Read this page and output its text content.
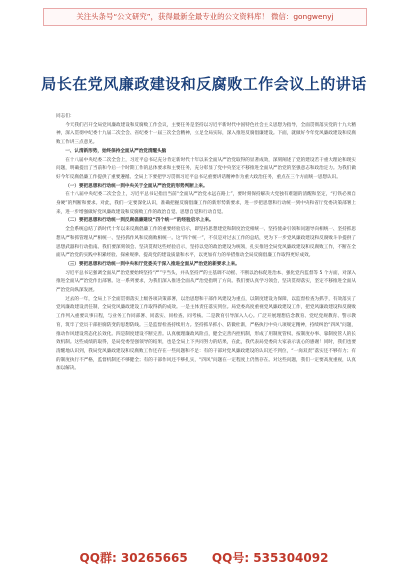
关注头条号“公文研究”，获得最新全最专业的公文资料库！ 微信：gongwenyj
局长在党风廉政建设和反腐败工作会议上的讲话

同志们：

今天我们召开全局党风廉政建设和反腐败工作会议，主要任务是坚持以习近平新时代中国特色社会主义思想为指导，全面贯彻落实党的十九大精神，深入贯彻中纪委十九届二次全会、省纪委十一届三次全会精神，立足全局实际，深入推进反腐倡廉建设。下面，就做好今年党风廉政建设和反腐败工作讲三点意见。

一、认清新形势，始终保持全面从严治党清醒头脑

在十八届中央纪委二次全会上，习近平总书记充分肯定新时代十年以来全面从严治党取得的显著成效，深刻阐述了党的建设若干重大理论和现实问题，明确提出了当前和今后一个时期工作的总体要求和主要任务，充分彰显了党中央坚定不移推进全面从严治党的坚强意志和政治定力。为我们做好今年反腐倡廉工作提供了重要遵循。全局上下要把学习贯彻习近平总书记重要讲话精神作为重大政治任务，重点在三个方面统一思想认识。

（一）要把思想和行动统一到中央关于全面从严治党的形势判断上来。

在十八届中央纪委二次全会上，习近平总书记指出当前“全面从严治党永远在路上”，要时刻保持解决大党独有难题的清醒和坚定，“打铁必须自身硬”的判断和要求。对此，我们一定要深化认识，准确把握反腐倡廉工作的新形势新要求，进一步把思想和行动统一到中央和省厅党委决策部署上来，进一步增强做好党风廉政建设和反腐败工作的政治自觉、思想自觉和行动自觉。

（二）要把思想和行动统一到反腐倡廉建设“四个统一”的经验启示上来。

全会系统总结了新时代十年以来反腐倡廉工作的重要经验启示，即坚持思想建党和制度治党相统一、坚持使命引领和问题导向相统一、坚持抓思想从严和抓管理从严相统一、坚持抓作风和反腐败相统一。这“四个统一”，不仅是对过去工作的总结，更为下一步党风廉政建设和反腐败斗争提供了思想武器和行动指南。我们要深刻领会、坚决贯彻这些经验启示，坚持以党的政治建设为统领，扎实推进全局党风廉政建设和反腐败工作，不断在全面从严治党的实践中积累经验、探索规律、提高党的建设质量和水平，以更加有力的举措推动全局反腐倡廉工作取得更好成效。

（三）要把思想和行动统一到中央和厅党委关于深入推进全面从严治党的新要求上来。

习近平总书记强调全面从严治党要始终坚持“严”字当头，并从坚持严的主基调不动摇、不断以治标促进治本、强化党内监督等 5 个方面，对深入推进全面从严治党作出部署。这一系列要求，为我们深入推进全面从严治党指明了方向。我们要认真学习领会，坚决贯彻落实，坚定不移推进全面从严治党向纵深发展。

过去的一年，全局上下全面贯彻落实上级各项决策部署，以治思想和干部作风建设为重点，以制度建设为保障，以监督检查为抓手，有效落实了党风廉政建设责任制，全局党风廉政建设工作取得新的成效。一是主体责任落实到位。局党委高度重视党风廉政建设工作，把党风廉政建设和反腐败工作列入重要议事日程，与业务工作同部署、同落实、同检查、同考核。二是教育引导深入人心。广泛开展理想信念教育、党纪党规教育、警示教育，筑牢了党员干部拒腐防变的思想防线。三是监督检查持续用力。坚持抓早抓小、防微杜渐，严格执行中央八项规定精神，持续纠治“四风”问题，推动作风建设常态化长效化。四是制度建设不断完善。认真梳理廉政风险点，健全完善内控机制，形成了用制度管权、按制度办事、靠制度管人的长效机制。这些成绩的取得，是局党委坚强领导的结果，也是全局上下共同努力的结果，在此，我代表局党委向大家表示衷心的感谢！同时，我们也要清醒地认识到，我局党风廉政建设和反腐败工作还存在一些问题和不足：有的干部对党风廉政建设的认识还不到位，“一岗双责”落实还不够有力；有的制度执行不严格，监督机制还不够健全；有的干部作风还不够扎实，“四风”问题在一定程度上仍然存在。对这些问题，我们一定要高度重视，认真加以解决。

QQ群: 30265665 QQ号: 535304092
